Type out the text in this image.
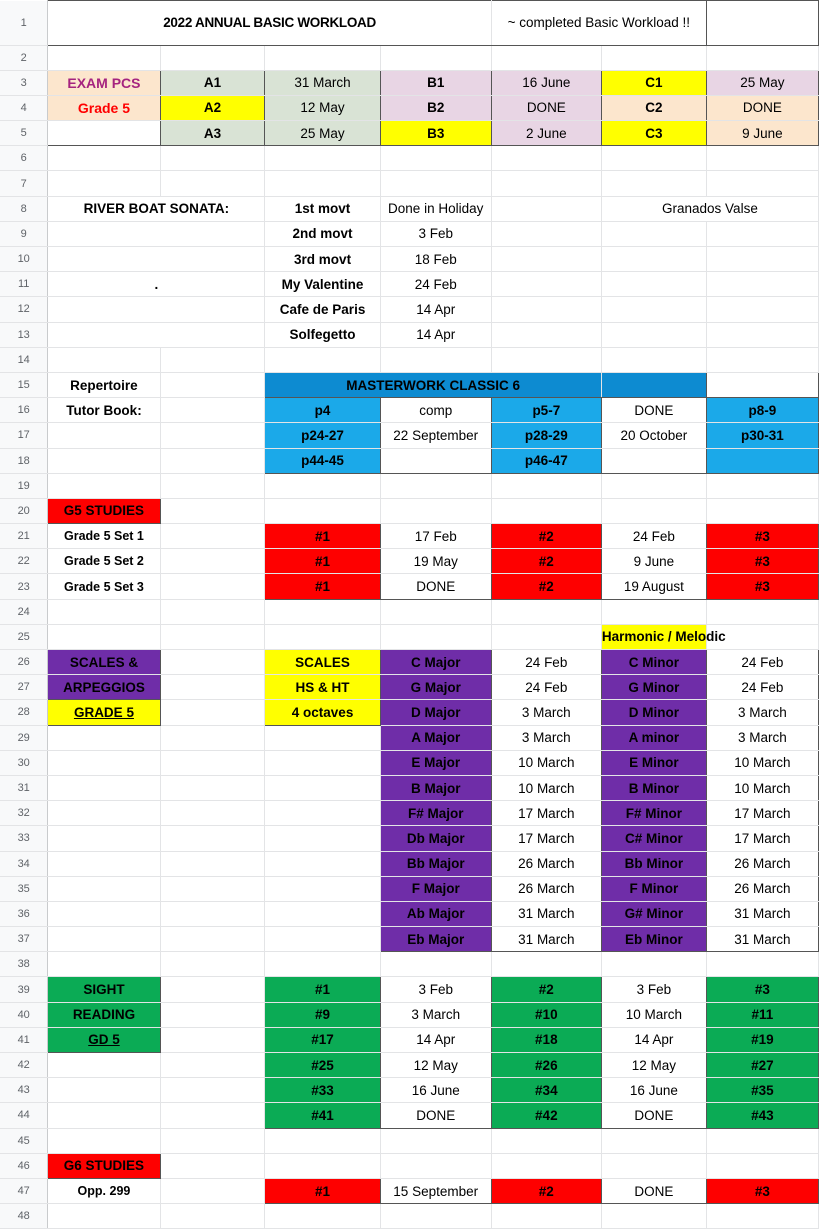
1	2022 ANNUAL BASIC WORKLOAD				~ completed Basic Workload !!		
2							
3	EXAM PCS	A1	31 March	B1	16 June	C1	25 May
4	Grade 5	A2	12 May	B2	DONE	C2	DONE
5		A3	25 May	B3	2 June	C3	9 June
6							
7							
8	RIVER BOAT SONATA:		1st movt	Done in Holiday		Granados Valse	
9			2nd movt	3 Feb			
10			3rd movt	18 Feb			
11	.		My Valentine	24 Feb			
12			Cafe de Paris	14 Apr			
13			Solfegetto	14 Apr			
14							
15	Repertoire		MASTERWORK CLASSIC 6				
16	Tutor Book:		p4	comp	p5-7	DONE	p8-9
17			p24-27	22 September	p28-29	20 October	p30-31
18			p44-45		p46-47		
19							
20	G5 STUDIES						
21	Grade 5 Set 1		#1	17 Feb	#2	24 Feb	#3
22	Grade 5 Set 2		#1	19 May	#2	9 June	#3
23	Grade 5 Set 3		#1	DONE	#2	19 August	#3
24							
25						Harmonic / Melodic	
26	SCALES &		SCALES	C Major	24 Feb	C Minor	24 Feb
27	ARPEGGIOS		HS & HT	G Major	24 Feb	G Minor	24 Feb
28	GRADE 5		4 octaves	D Major	3 March	D Minor	3 March
29				A Major	3 March	A minor	3 March
30				E Major	10 March	E Minor	10 March
31				B Major	10 March	B Minor	10 March
32				F# Major	17 March	F# Minor	17 March
33				Db Major	17 March	C# Minor	17 March
34				Bb Major	26 March	Bb Minor	26 March
35				F Major	26 March	F Minor	26 March
36				Ab Major	31 March	G# Minor	31 March
37				Eb Major	31 March	Eb Minor	31 March
38							
39	SIGHT		#1	3 Feb	#2	3 Feb	#3
40	READING		#9	3 March	#10	10 March	#11
41	GD 5		#17	14 Apr	#18	14 Apr	#19
42			#25	12 May	#26	12 May	#27
43			#33	16 June	#34	16 June	#35
44			#41	DONE	#42	DONE	#43
45							
46	G6 STUDIES						
47	Opp. 299		#1	15 September	#2	DONE	#3
48							
